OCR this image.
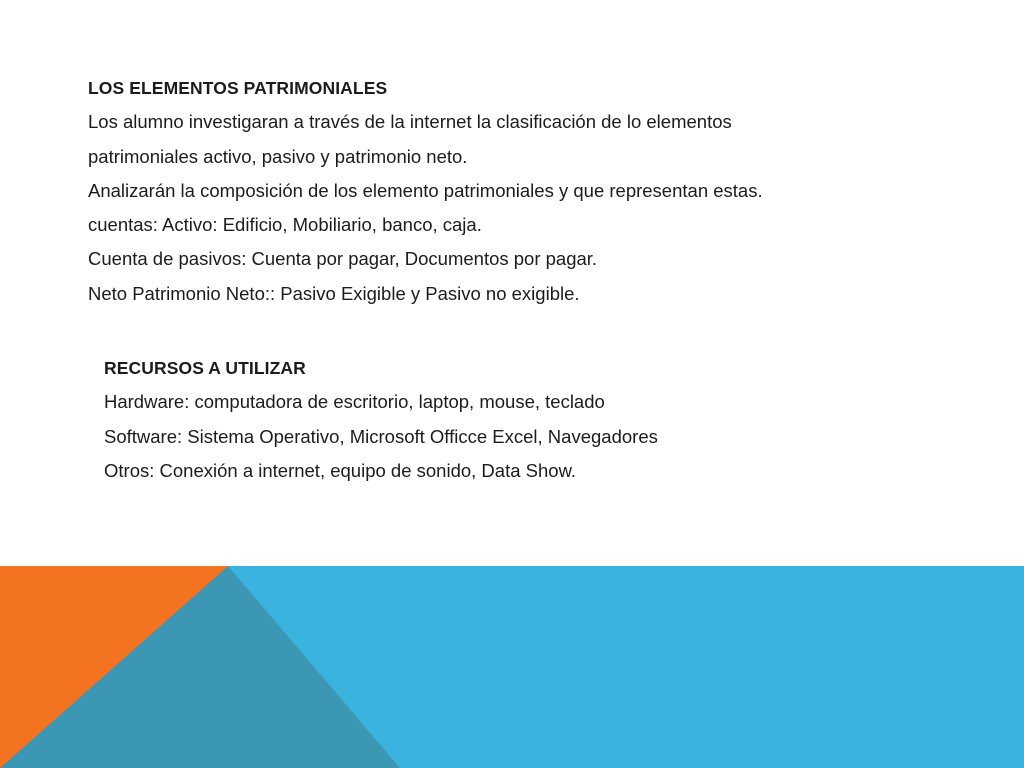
LOS ELEMENTOS PATRIMONIALES
Los alumno investigaran a través de la internet la clasificación de lo elementos
patrimoniales activo, pasivo y patrimonio neto.
Analizarán la composición de los elemento patrimoniales y que representan estas.
cuentas: Activo: Edificio, Mobiliario, banco, caja.
Cuenta de pasivos: Cuenta por pagar, Documentos por pagar.
Neto Patrimonio Neto:: Pasivo Exigible y Pasivo no exigible.
RECURSOS A UTILIZAR
Hardware: computadora de escritorio, laptop, mouse, teclado
Software: Sistema Operativo, Microsoft Officce Excel, Navegadores
Otros: Conexión a internet, equipo de sonido, Data Show.
